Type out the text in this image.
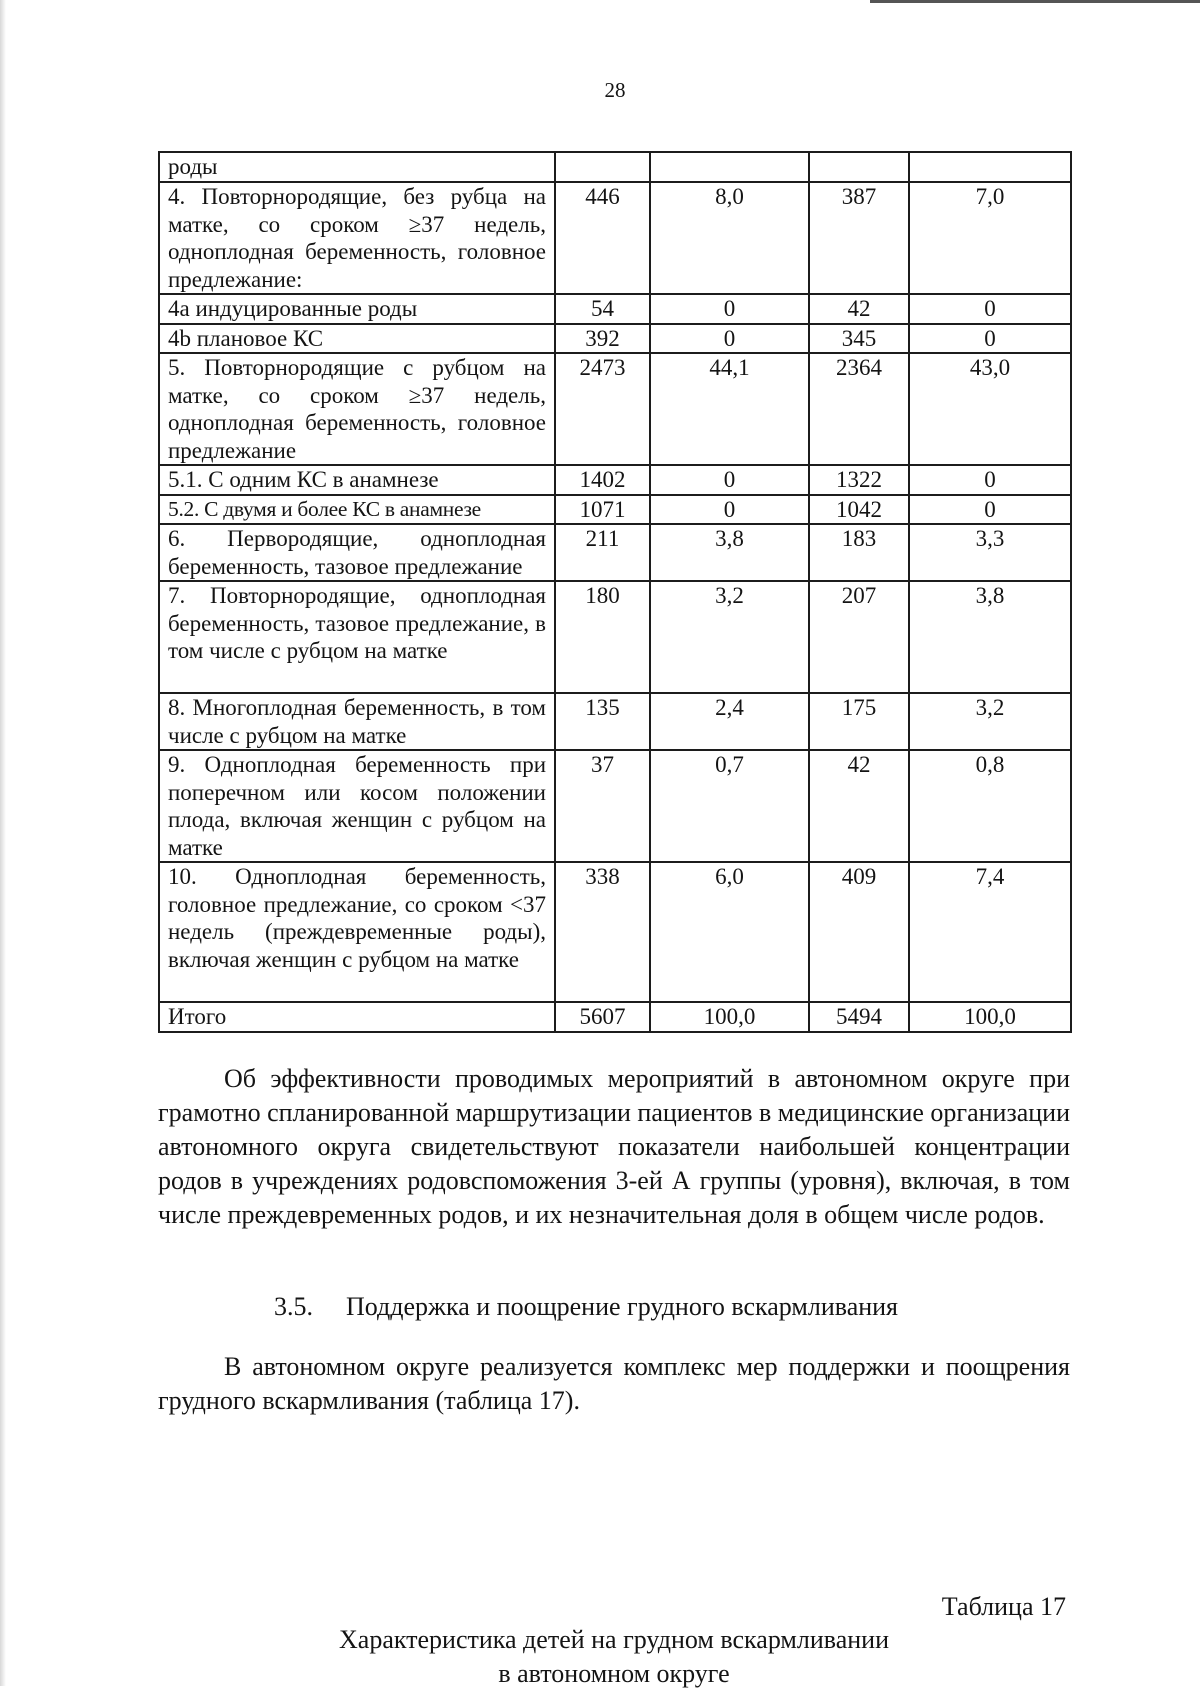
28
роды				
4. Повторнородящие, без рубца на матке, со сроком ≥37 недель, одноплодная беременность, головное предлежание:	446	8,0	387	7,0
4a индуцированные роды	54	0	42	0
4b плановое КС	392	0	345	0
5. Повторнородящие с рубцом на матке, со сроком ≥37 недель, одноплодная беременность, головное предлежание	2473	44,1	2364	43,0
5.1. С одним КС в анамнезе	1402	0	1322	0
5.2. С двумя и более КС в анамнезе	1071	0	1042	0
6. Первородящие, одноплодная беременность, тазовое предлежание	211	3,8	183	3,3
7. Повторнородящие, одноплодная беременность, тазовое предлежание, в том числе с рубцом на матке	180	3,2	207	3,8
8. Многоплодная беременность, в том числе с рубцом на матке	135	2,4	175	3,2
9. Одноплодная беременность при поперечном или косом положении плода, включая женщин с рубцом на матке	37	0,7	42	0,8
10. Одноплодная беременность, головное предлежание, со сроком <37 недель (преждевременные роды), включая женщин с рубцом на матке	338	6,0	409	7,4
Итого	5607	100,0	5494	100,0
Об эффективности проводимых мероприятий в автономном округе при грамотно спланированной маршрутизации пациентов в медицинские организации автономного округа свидетельствуют показатели наибольшей концентрации родов в учреждениях родовспоможения 3-ей А группы (уровня), включая, в том числе преждевременных родов, и их незначительная доля в общем числе родов.
3.5. Поддержка и поощрение грудного вскармливания
В автономном округе реализуется комплекс мер поддержки и поощрения грудного вскармливания (таблица 17).
Таблица 17
Характеристика детей на грудном вскармливании
в автономном округе
